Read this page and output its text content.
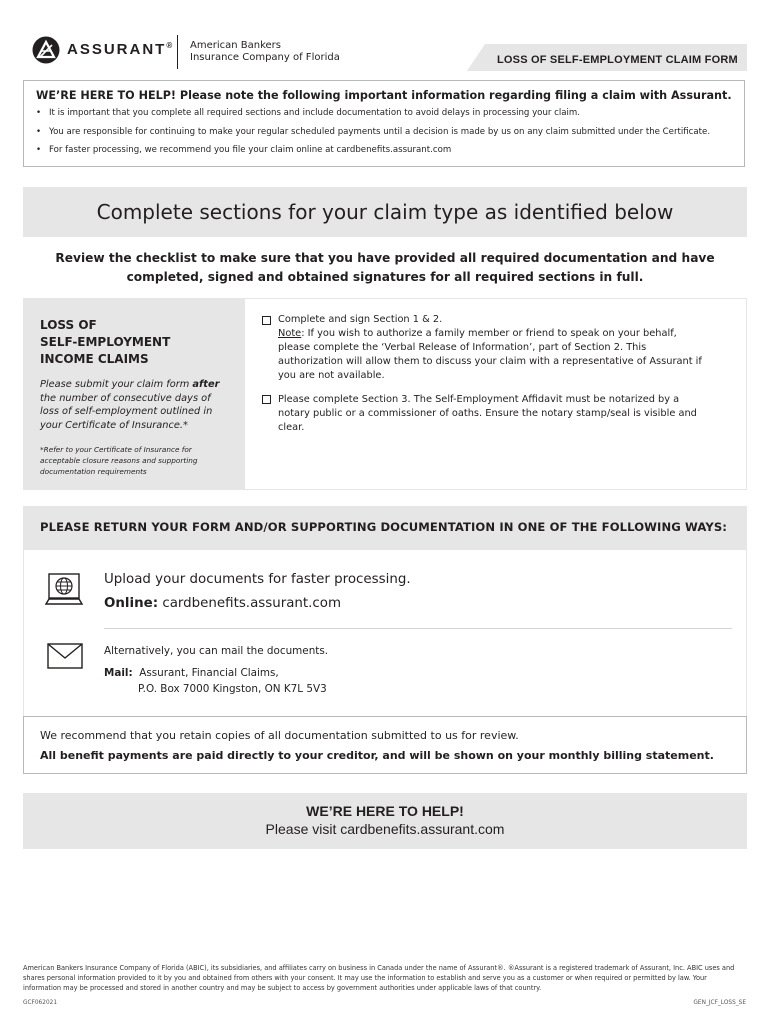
ASSURANT® American Bankers
Insurance Company of Florida	LOSS OF SELF-EMPLOYMENT CLAIM FORM
WE’RE HERE TO HELP! Please note the following important information regarding filing a claim with Assurant.
• It is important that you complete all required sections and include documentation to avoid delays in processing your claim.
• You are responsible for continuing to make your regular scheduled payments until a decision is made by us on any claim submitted under the Certificate.
• For faster processing, we recommend you file your claim online at cardbenefits.assurant.com
Complete sections for your claim type as identified below
Review the checklist to make sure that you have provided all required documentation and have
completed, signed and obtained signatures for all required sections in full.
LOSS OF
SELF-EMPLOYMENT
INCOME CLAIMS
Please submit your claim form after the number of consecutive days of loss of self-employment outlined in your Certificate of Insurance.*
*Refer to your Certificate of Insurance for acceptable closure reasons and supporting documentation requirements
Complete and sign Section 1 & 2.
Note: If you wish to authorize a family member or friend to speak on your behalf, please complete the ‘Verbal Release of Information’, part of Section 2. This authorization will allow them to discuss your claim with a representative of Assurant if you are not available.
Please complete Section 3. The Self-Employment Affidavit must be notarized by a notary public or a commissioner of oaths. Ensure the notary stamp/seal is visible and clear.
PLEASE RETURN YOUR FORM AND/OR SUPPORTING DOCUMENTATION IN ONE OF THE FOLLOWING WAYS:
Upload your documents for faster processing.
Online: cardbenefits.assurant.com
Alternatively, you can mail the documents.
Mail: Assurant, Financial Claims,
P.O. Box 7000 Kingston, ON K7L 5V3
We recommend that you retain copies of all documentation submitted to us for review.
All benefit payments are paid directly to your creditor, and will be shown on your monthly billing statement.
WE’RE HERE TO HELP!
Please visit cardbenefits.assurant.com
American Bankers Insurance Company of Florida (ABIC), its subsidiaries, and affiliates carry on business in Canada under the name of Assurant®. ®Assurant is a registered trademark of Assurant, Inc. ABIC uses and shares personal information provided to it by you and obtained from others with your consent. It may use the information to establish and serve you as a customer or when required or permitted by law. Your information may be processed and stored in another country and may be subject to access by government authorities under applicable laws of that country.
GCF062021	GEN_JCF_LOSS_SE
